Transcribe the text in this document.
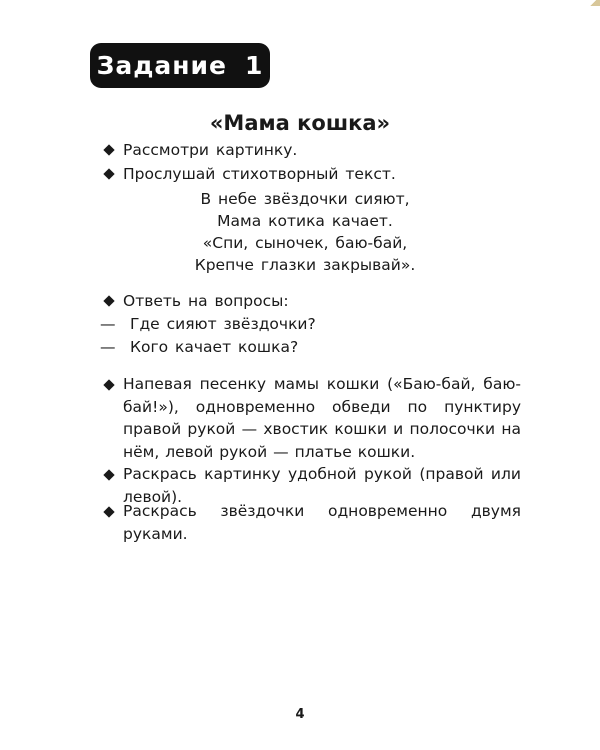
Задание 1
«Мама кошка»
Рассмотри картинку.
Прослушай стихотворный текст.
В небе звёздочки сияют,
Мама котика качает.
«Спи, сыночек, баю-бай,
Крепче глазки закрывай».
Ответь на вопросы:
— Где сияют звёздочки?
— Кого качает кошка?
Напевая песенку мамы кошки («Баю-бай, баю-бай!»), одновременно обведи по пунктиру правой рукой — хвостик кошки и полосочки на нём, левой рукой — платье кошки.
Раскрась картинку удобной рукой (правой или левой).
Раскрась звёздочки одновременно двумя руками.
4
